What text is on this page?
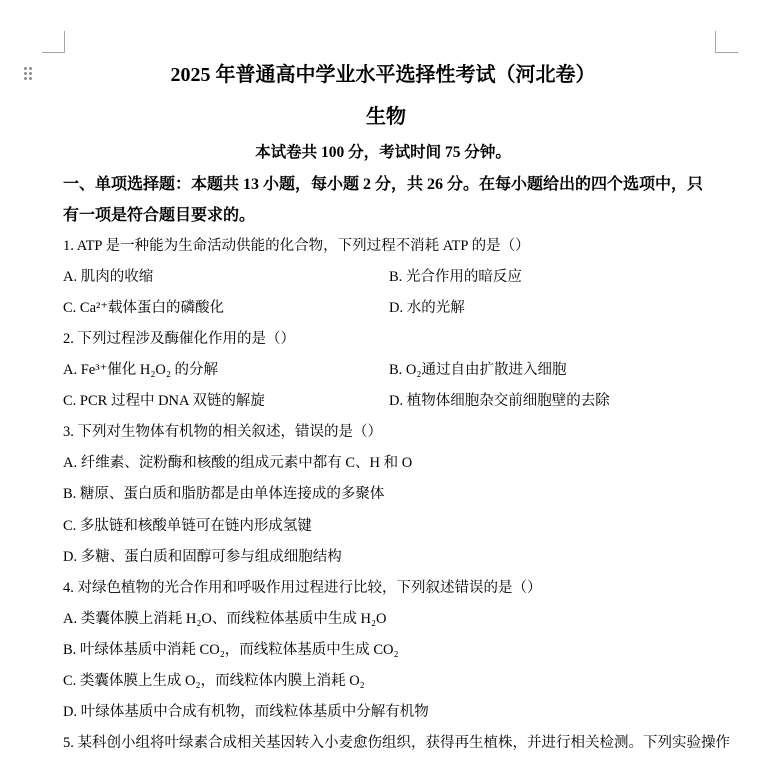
2025 年普通高中学业水平选择性考试（河北卷）
生物
本试卷共 100 分，考试时间 75 分钟。
一、单项选择题：本题共 13 小题，每小题 2 分，共 26 分。在每小题给出的四个选项中，只
有一项是符合题目要求的。
1. ATP 是一种能为生命活动供能的化合物，下列过程不消耗 ATP 的是（）
A. 肌肉的收缩	B. 光合作用的暗反应
C. Ca²⁺载体蛋白的磷酸化	D. 水的光解
2. 下列过程涉及酶催化作用的是（）
A. Fe³⁺催化 H₂O₂ 的分解	B. O₂通过自由扩散进入细胞
C. PCR 过程中 DNA 双链的解旋	D. 植物体细胞杂交前细胞壁的去除
3. 下列对生物体有机物的相关叙述，错误的是（）
A. 纤维素、淀粉酶和核酸的组成元素中都有 C、H 和 O
B. 糖原、蛋白质和脂肪都是由单体连接成的多聚体
C. 多肽链和核酸单链可在链内形成氢键
D. 多糖、蛋白质和固醇可参与组成细胞结构
4. 对绿色植物的光合作用和呼吸作用过程进行比较，下列叙述错误的是（）
A. 类囊体膜上消耗 H₂O、而线粒体基质中生成 H₂O
B. 叶绿体基质中消耗 CO₂，而线粒体基质中生成 CO₂
C. 类囊体膜上生成 O₂，而线粒体内膜上消耗 O₂
D. 叶绿体基质中合成有机物，而线粒体基质中分解有机物
5. 某科创小组将叶绿素合成相关基因转入小麦愈伤组织，获得再生植株，并进行相关检测。下列实验操作
